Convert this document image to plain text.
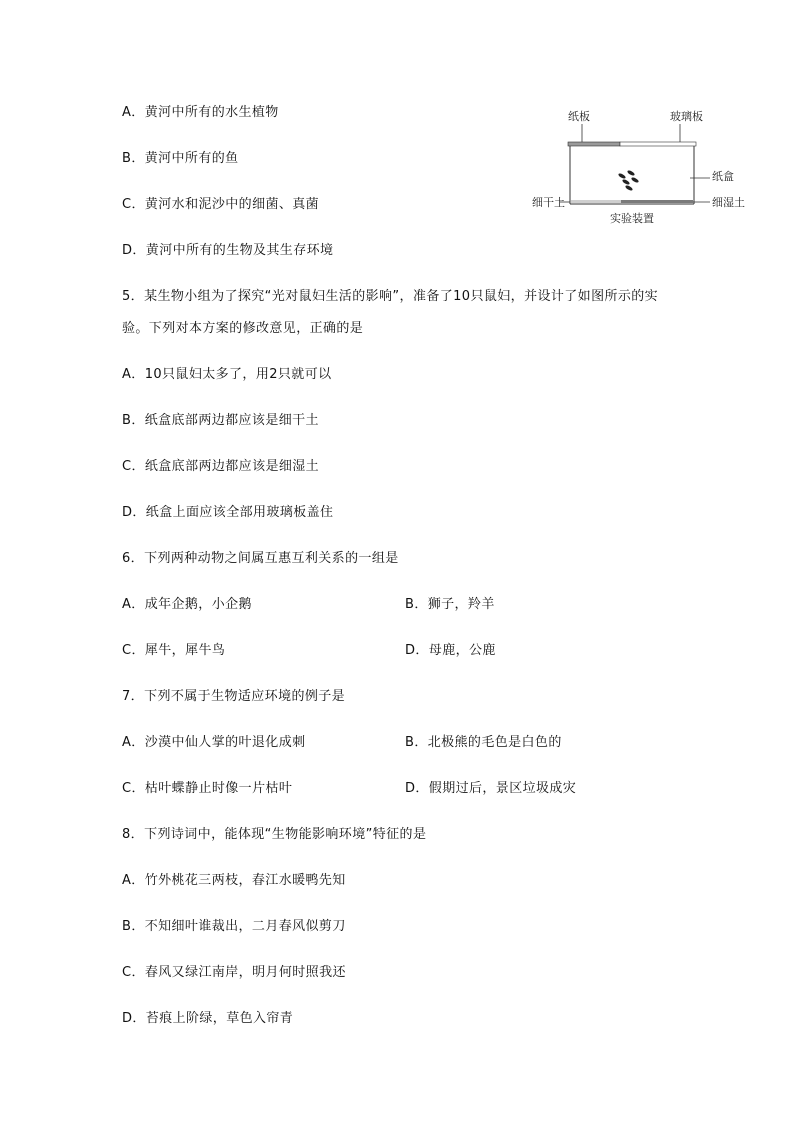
A．黄河中所有的水生植物
B．黄河中所有的鱼
C．黄河水和泥沙中的细菌、真菌
D．黄河中所有的生物及其生存环境
纸板	玻璃板
纸盒
细干土	细湿土
实验装置
5．某生物小组为了探究“光对鼠妇生活的影响”，准备了10只鼠妇，并设计了如图所示的实
验。下列对本方案的修改意见，正确的是
A．10只鼠妇太多了，用2只就可以
B．纸盒底部两边都应该是细干土
C．纸盒底部两边都应该是细湿土
D．纸盒上面应该全部用玻璃板盖住
6．下列两种动物之间属互惠互利关系的一组是
A．成年企鹅，小企鹅	B．狮子，羚羊
C．犀牛，犀牛鸟	D．母鹿，公鹿
7．下列不属于生物适应环境的例子是
A．沙漠中仙人掌的叶退化成刺	B．北极熊的毛色是白色的
C．枯叶蝶静止时像一片枯叶	D．假期过后，景区垃圾成灾
8．下列诗词中，能体现“生物能影响环境”特征的是
A．竹外桃花三两枝，春江水暖鸭先知
B．不知细叶谁裁出，二月春风似剪刀
C．春风又绿江南岸，明月何时照我还
D．苔痕上阶绿，草色入帘青
